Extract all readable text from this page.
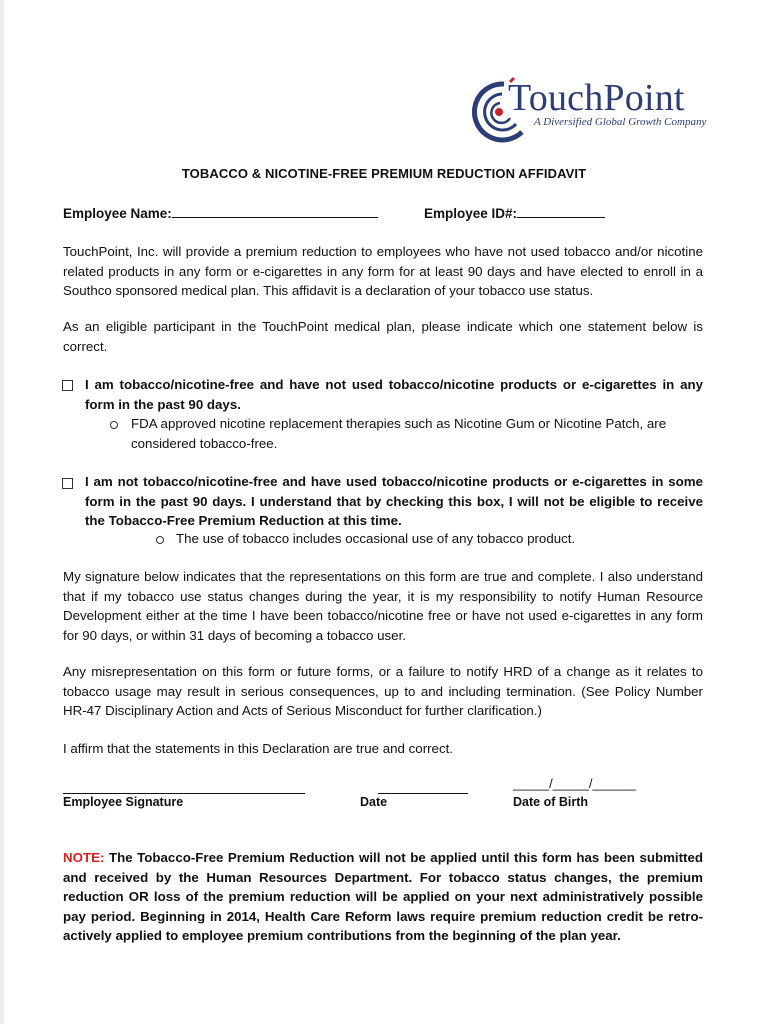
TouchPoint
A Diversified Global Growth Company
TOBACCO & NICOTINE-FREE PREMIUM REDUCTION AFFIDAVIT
Employee Name:	Employee ID#:

TouchPoint, Inc. will provide a premium reduction to employees who have not used tobacco and/or nicotine related products in any form or e-cigarettes in any form for at least 90 days and have elected to enroll in a Southco sponsored medical plan. This affidavit is a declaration of your tobacco use status.

As an eligible participant in the TouchPoint medical plan, please indicate which one statement below is correct.

I am tobacco/nicotine-free and have not used tobacco/nicotine products or e-cigarettes in any form in the past 90 days.

FDA approved nicotine replacement therapies such as Nicotine Gum or Nicotine Patch, are considered tobacco-free.

I am not tobacco/nicotine-free and have used tobacco/nicotine products or e-cigarettes in some form in the past 90 days. I understand that by checking this box, I will not be eligible to receive the Tobacco-Free Premium Reduction at this time.

The use of tobacco includes occasional use of any tobacco product.

My signature below indicates that the representations on this form are true and complete. I also understand that if my tobacco use status changes during the year, it is my responsibility to notify Human Resource Development either at the time I have been tobacco/nicotine free or have not used e-cigarettes in any form for 90 days, or within 31 days of becoming a tobacco user.

Any misrepresentation on this form or future forms, or a failure to notify HRD of a change as it relates to tobacco usage may result in serious consequences, up to and including termination. (See Policy Number HR-47 Disciplinary Action and Acts of Serious Misconduct for further clarification.)

I affirm that the statements in this Declaration are true and correct.

Employee Signature	Date
_____/_____/______
Date of Birth

NOTE: The Tobacco-Free Premium Reduction will not be applied until this form has been submitted and received by the Human Resources Department. For tobacco status changes, the premium reduction OR loss of the premium reduction will be applied on your next administratively possible pay period. Beginning in 2014, Health Care Reform laws require premium reduction credit be retro-actively applied to employee premium contributions from the beginning of the plan year.
